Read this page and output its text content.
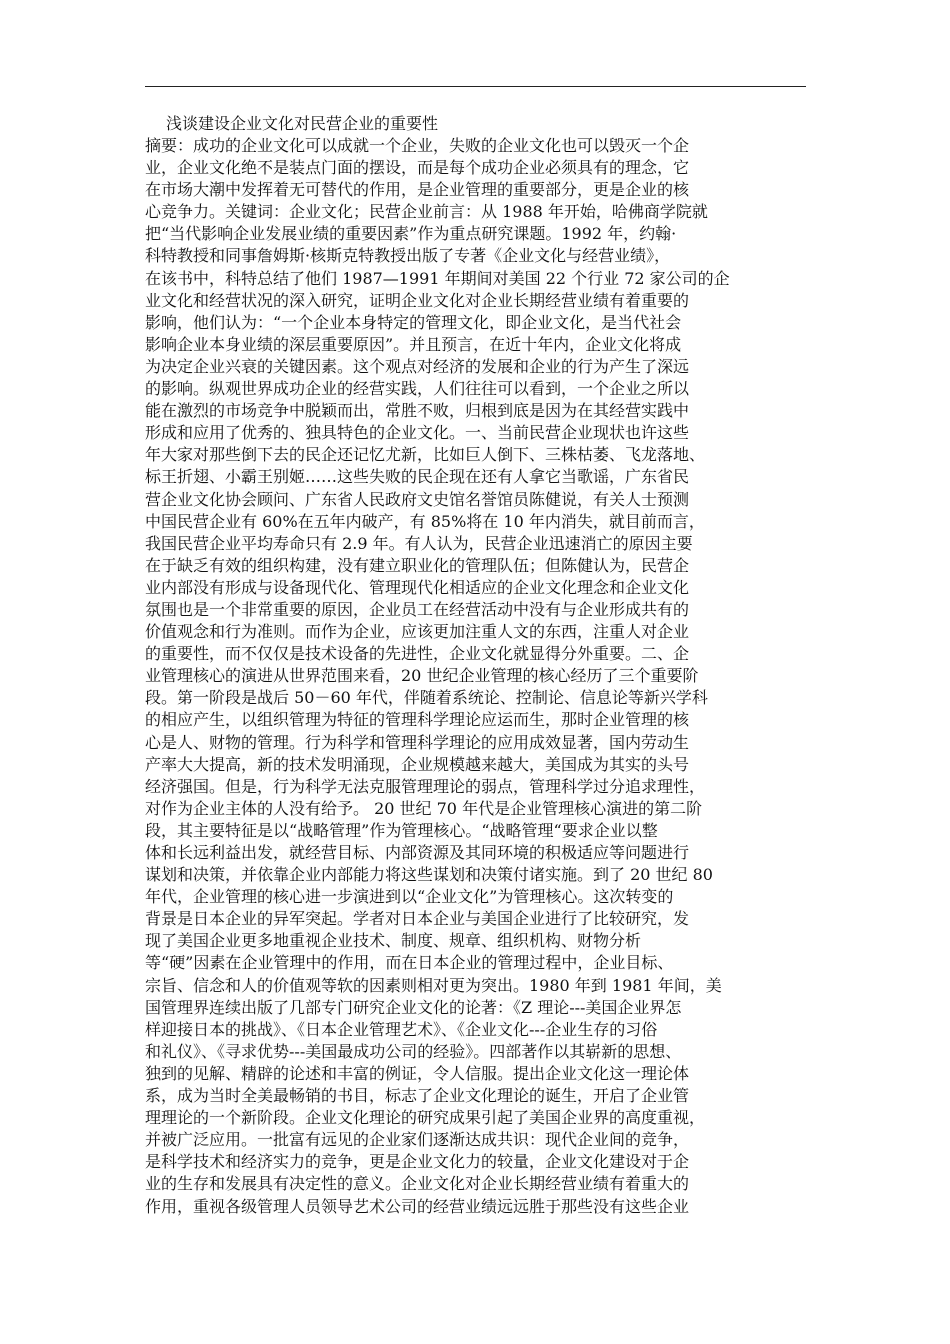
浅谈建设企业文化对民营企业的重要性
摘要：成功的企业文化可以成就一个企业，失败的企业文化也可以毁灭一个企
业，企业文化绝不是装点门面的摆设，而是每个成功企业必须具有的理念，它
在市场大潮中发挥着无可替代的作用，是企业管理的重要部分，更是企业的核
心竞争力。关键词：企业文化；民营企业前言：从 1988 年开始，哈佛商学院就
把“当代影响企业发展业绩的重要因素”作为重点研究课题。1992 年，约翰·
科特教授和同事詹姆斯·核斯克特教授出版了专著《企业文化与经营业绩》，
在该书中，科特总结了他们 1987—1991 年期间对美国 22 个行业 72 家公司的企
业文化和经营状况的深入研究，证明企业文化对企业长期经营业绩有着重要的
影响，他们认为：“一个企业本身特定的管理文化，即企业文化，是当代社会
影响企业本身业绩的深层重要原因”。并且预言，在近十年内，企业文化将成
为决定企业兴衰的关键因素。这个观点对经济的发展和企业的行为产生了深远
的影响。纵观世界成功企业的经营实践，人们往往可以看到，一个企业之所以
能在激烈的市场竞争中脱颖而出，常胜不败，归根到底是因为在其经营实践中
形成和应用了优秀的、独具特色的企业文化。一、当前民营企业现状也许这些
年大家对那些倒下去的民企还记忆尤新，比如巨人倒下、三株枯萎、飞龙落地、
标王折翅、小霸王别姬……这些失败的民企现在还有人拿它当歌谣，广东省民
营企业文化协会顾问、广东省人民政府文史馆名誉馆员陈健说，有关人士预测
中国民营企业有 60%在五年内破产，有 85%将在 10 年内消失，就目前而言，
我国民营企业平均寿命只有 2.9 年。有人认为，民营企业迅速消亡的原因主要
在于缺乏有效的组织构建，没有建立职业化的管理队伍；但陈健认为，民营企
业内部没有形成与设备现代化、管理现代化相适应的企业文化理念和企业文化
氛围也是一个非常重要的原因，企业员工在经营活动中没有与企业形成共有的
价值观念和行为准则。而作为企业，应该更加注重人文的东西，注重人对企业
的重要性，而不仅仅是技术设备的先进性，企业文化就显得分外重要。二、企
业管理核心的演进从世界范围来看，20 世纪企业管理的核心经历了三个重要阶
段。第一阶段是战后 50－60 年代，伴随着系统论、控制论、信息论等新兴学科
的相应产生，以组织管理为特征的管理科学理论应运而生，那时企业管理的核
心是人、财物的管理。行为科学和管理科学理论的应用成效显著，国内劳动生
产率大大提高，新的技术发明涌现，企业规模越来越大，美国成为其实的头号
经济强国。但是，行为科学无法克服管理理论的弱点，管理科学过分追求理性，
对作为企业主体的人没有给予。 20 世纪 70 年代是企业管理核心演进的第二阶
段，其主要特征是以“战略管理”作为管理核心。“战略管理“要求企业以整
体和长远利益出发，就经营目标、内部资源及其同环境的积极适应等问题进行
谋划和决策，并依靠企业内部能力将这些谋划和决策付诸实施。到了 20 世纪 80
年代，企业管理的核心进一步演进到以“企业文化”为管理核心。这次转变的
背景是日本企业的异军突起。学者对日本企业与美国企业进行了比较研究，发
现了美国企业更多地重视企业技术、制度、规章、组织机构、财物分析
等“硬”因素在企业管理中的作用，而在日本企业的管理过程中，企业目标、
宗旨、信念和人的价值观等软的因素则相对更为突出。1980 年到 1981 年间，美
国管理界连续出版了几部专门研究企业文化的论著：《Z 理论---美国企业界怎
样迎接日本的挑战》、《日本企业管理艺术》、《企业文化---企业生存的习俗
和礼仪》、《寻求优势---美国最成功公司的经验》。四部著作以其崭新的思想、
独到的见解、精辟的论述和丰富的例证，令人信服。提出企业文化这一理论体
系，成为当时全美最畅销的书目，标志了企业文化理论的诞生，开启了企业管
理理论的一个新阶段。企业文化理论的研究成果引起了美国企业界的高度重视，
并被广泛应用。一批富有远见的企业家们逐渐达成共识：现代企业间的竞争，
是科学技术和经济实力的竞争，更是企业文化力的较量，企业文化建设对于企
业的生存和发展具有决定性的意义。企业文化对企业长期经营业绩有着重大的
作用，重视各级管理人员领导艺术公司的经营业绩远远胜于那些没有这些企业
